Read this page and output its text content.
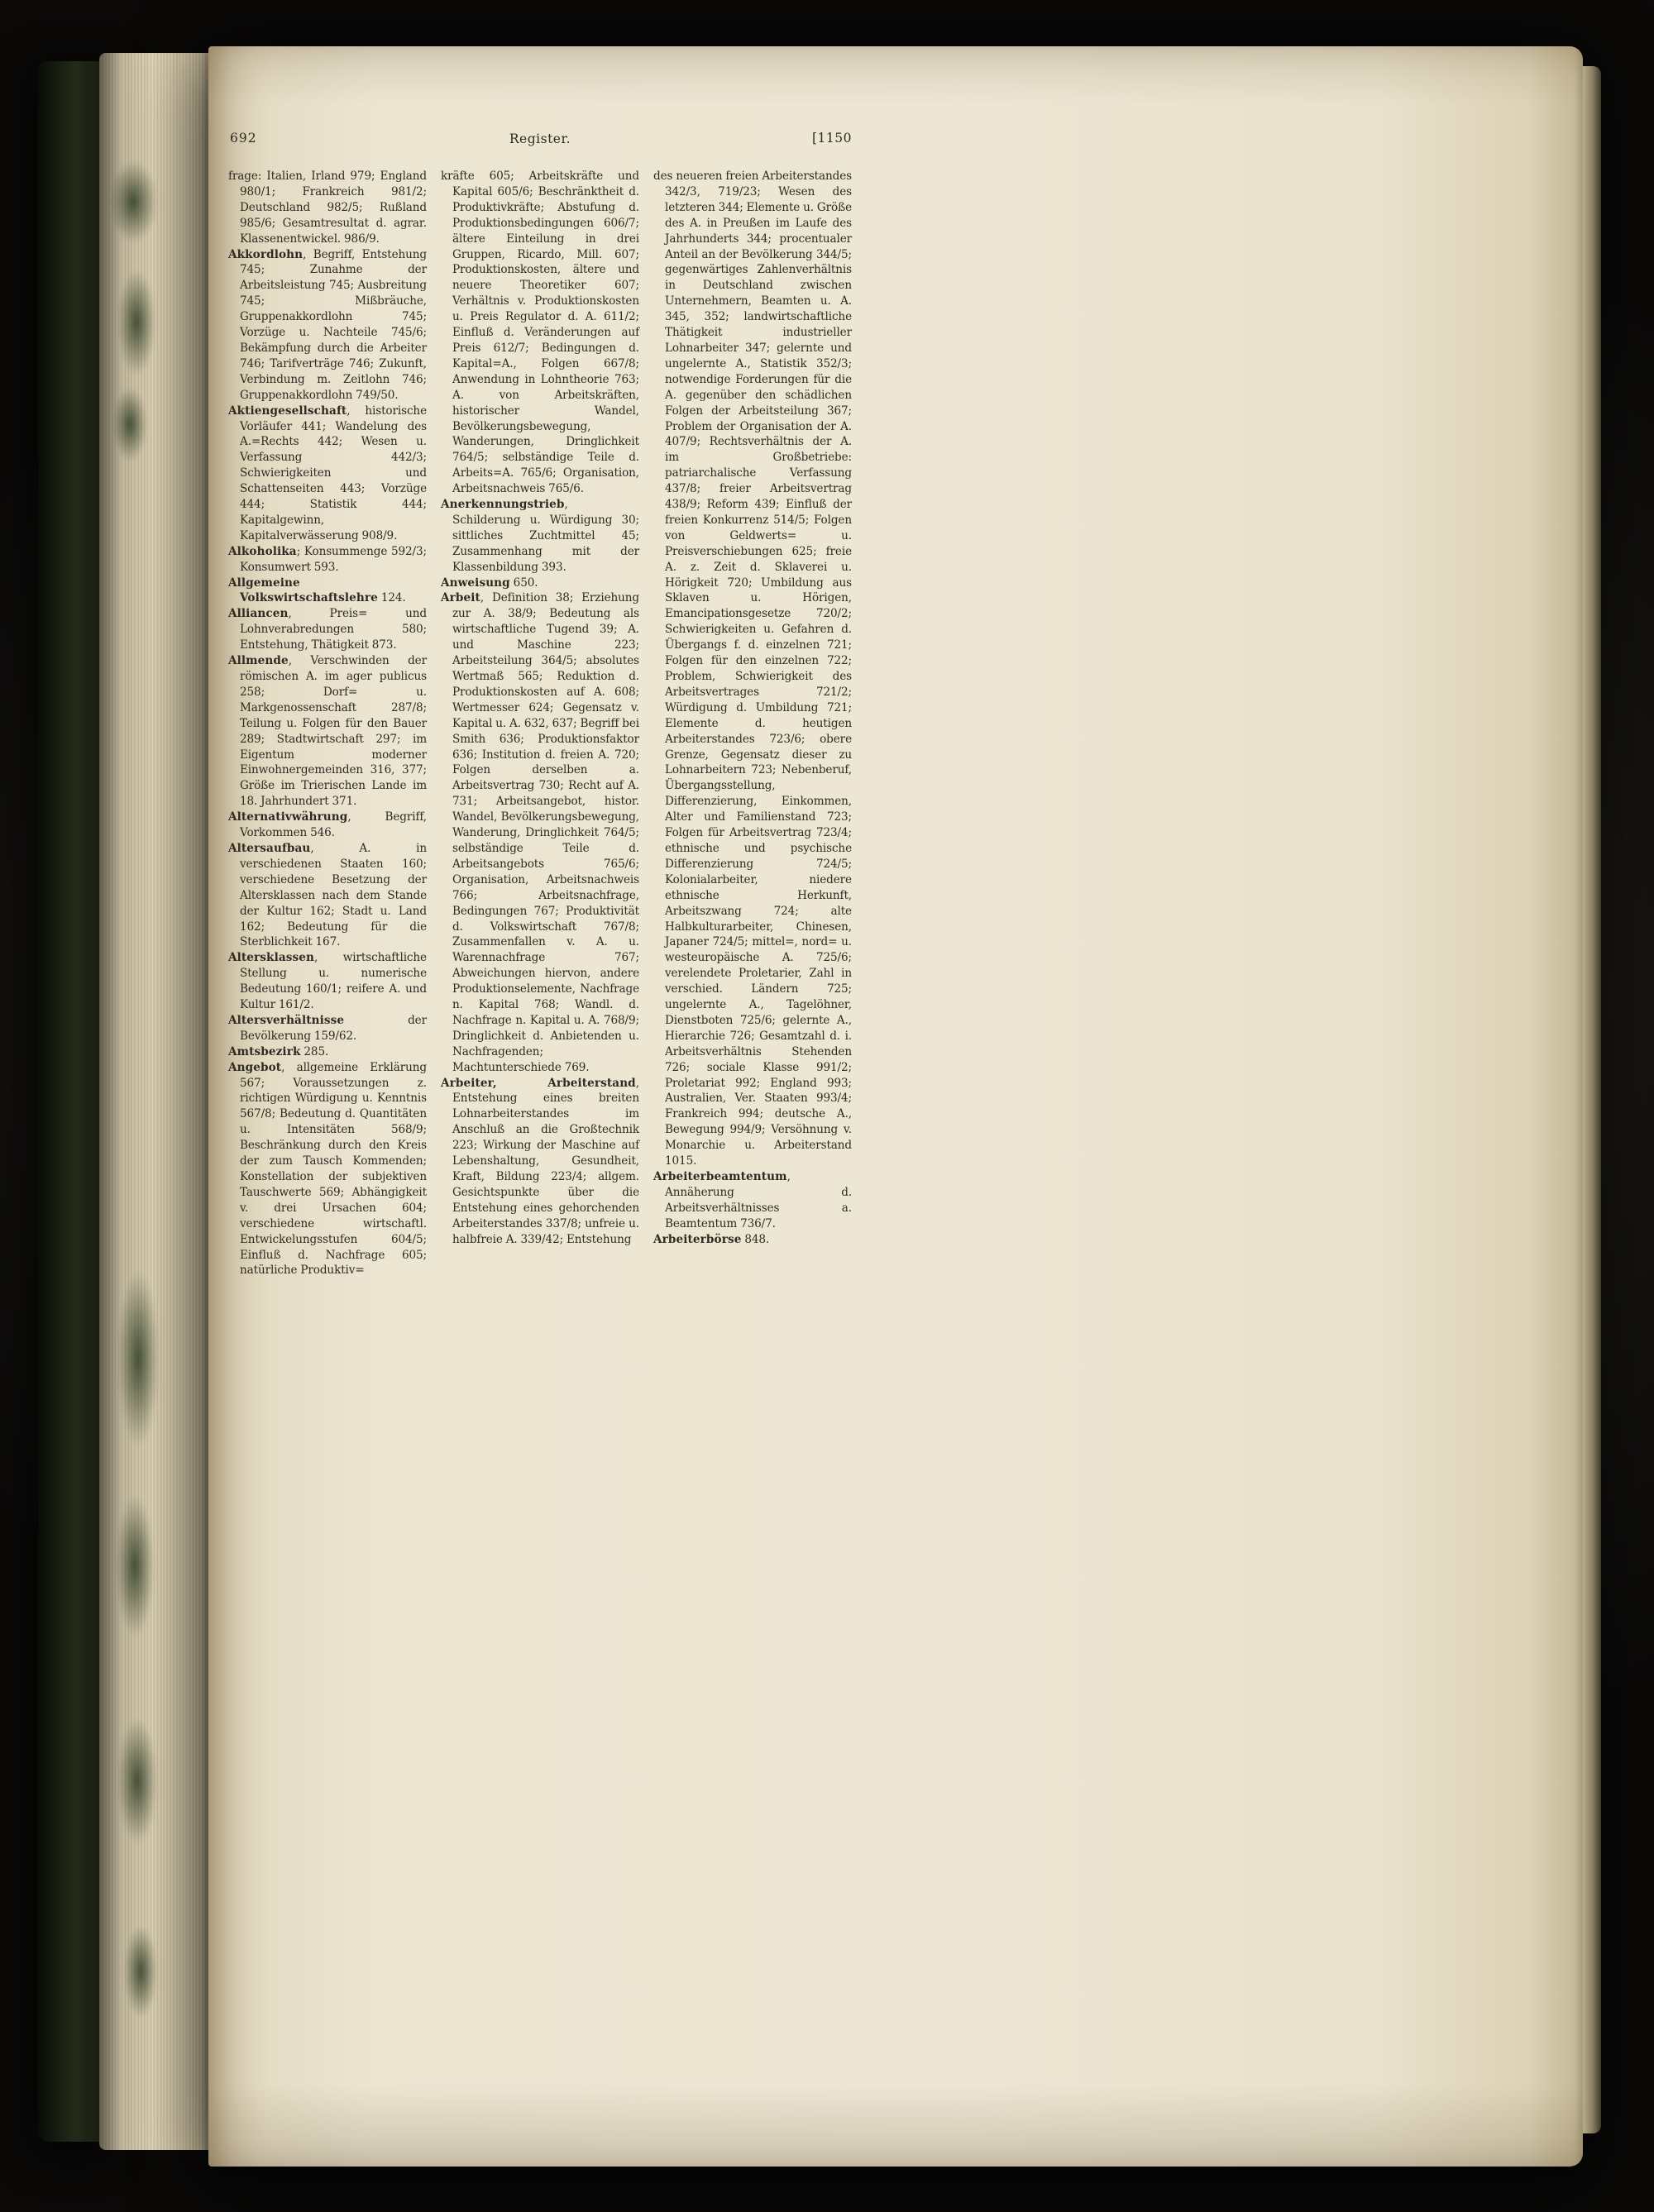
692	Register.	[1150

frage: Italien, Irland 979; England 980/1; Frankreich 981/2; Deutschland 982/5; Rußland 985/6; Gesamtresultat d. agrar. Klassenentwickel. 986/9.

Akkordlohn, Begriff, Entstehung 745; Zunahme der Arbeitsleistung 745; Ausbreitung 745; Mißbräuche, Gruppenakkordlohn 745; Vorzüge u. Nachteile 745/6; Bekämpfung durch die Arbeiter 746; Tarifverträge 746; Zukunft, Verbindung m. Zeitlohn 746; Gruppenakkordlohn 749/50.

Aktiengesellschaft, historische Vorläufer 441; Wandelung des A.=Rechts 442; Wesen u. Verfassung 442/3; Schwierigkeiten und Schattenseiten 443; Vorzüge 444; Statistik 444; Kapitalgewinn, Kapitalverwässerung 908/9.

Alkoholika; Konsummenge 592/3; Konsumwert 593.

Allgemeine Volkswirtschaftslehre 124.

Alliancen, Preis= und Lohnverabredungen 580; Entstehung, Thätigkeit 873.

Allmende, Verschwinden der römischen A. im ager publicus 258; Dorf= u. Markgenossenschaft 287/8; Teilung u. Folgen für den Bauer 289; Stadtwirtschaft 297; im Eigentum moderner Einwohnergemeinden 316, 377; Größe im Trierischen Lande im 18. Jahrhundert 371.

Alternativwährung, Begriff, Vorkommen 546.

Altersaufbau, A. in verschiedenen Staaten 160; verschiedene Besetzung der Altersklassen nach dem Stande der Kultur 162; Stadt u. Land 162; Bedeutung für die Sterblichkeit 167.

Altersklassen, wirtschaftliche Stellung u. numerische Bedeutung 160/1; reifere A. und Kultur 161/2.

Altersverhältnisse der Bevölkerung 159/62.

Amtsbezirk 285.

Angebot, allgemeine Erklärung 567; Voraussetzungen z. richtigen Würdigung u. Kenntnis 567/8; Bedeutung d. Quantitäten u. Intensitäten 568/9; Beschränkung durch den Kreis der zum Tausch Kommenden; Konstellation der subjektiven Tauschwerte 569; Abhängigkeit v. drei Ursachen 604; verschiedene wirtschaftl. Entwickelungsstufen 604/5; Einfluß d. Nachfrage 605; natürliche Produktiv=

kräfte 605; Arbeitskräfte und Kapital 605/6; Beschränktheit d. Produktivkräfte; Abstufung d. Produktionsbedingungen 606/7; ältere Einteilung in drei Gruppen, Ricardo, Mill. 607; Produktionskosten, ältere und neuere Theoretiker 607; Verhältnis v. Produktionskosten u. Preis Regulator d. A. 611/2; Einfluß d. Veränderungen auf Preis 612/7; Bedingungen d. Kapital=A., Folgen 667/8; Anwendung in Lohntheorie 763; A. von Arbeitskräften, historischer Wandel, Bevölkerungsbewegung, Wanderungen, Dringlichkeit 764/5; selbständige Teile d. Arbeits=A. 765/6; Organisation, Arbeitsnachweis 765/6.

Anerkennungstrieb, Schilderung u. Würdigung 30; sittliches Zuchtmittel 45; Zusammenhang mit der Klassenbildung 393.

Anweisung 650.

Arbeit, Definition 38; Erziehung zur A. 38/9; Bedeutung als wirtschaftliche Tugend 39; A. und Maschine 223; Arbeitsteilung 364/5; absolutes Wertmaß 565; Reduktion d. Produktionskosten auf A. 608; Wertmesser 624; Gegensatz v. Kapital u. A. 632, 637; Begriff bei Smith 636; Produktionsfaktor 636; Institution d. freien A. 720; Folgen derselben a. Arbeitsvertrag 730; Recht auf A. 731; Arbeitsangebot, histor. Wandel, Bevölkerungsbewegung, Wanderung, Dringlichkeit 764/5; selbständige Teile d. Arbeitsangebots 765/6; Organisation, Arbeitsnachweis 766; Arbeitsnachfrage, Bedingungen 767; Produktivität d. Volkswirtschaft 767/8; Zusammenfallen v. A. u. Warennachfrage 767; Abweichungen hiervon, andere Produktionselemente, Nachfrage n. Kapital 768; Wandl. d. Nachfrage n. Kapital u. A. 768/9; Dringlichkeit d. Anbietenden u. Nachfragenden; Machtunterschiede 769.

Arbeiter, Arbeiterstand, Entstehung eines breiten Lohnarbeiterstandes im Anschluß an die Großtechnik 223; Wirkung der Maschine auf Lebenshaltung, Gesundheit, Kraft, Bildung 223/4; allgem. Gesichtspunkte über die Entstehung eines gehorchenden Arbeiterstandes 337/8; unfreie u. halbfreie A. 339/42; Entstehung

des neueren freien Arbeiterstandes 342/3, 719/23; Wesen des letzteren 344; Elemente u. Größe des A. in Preußen im Laufe des Jahrhunderts 344; procentualer Anteil an der Bevölkerung 344/5; gegenwärtiges Zahlenverhältnis in Deutschland zwischen Unternehmern, Beamten u. A. 345, 352; landwirtschaftliche Thätigkeit industrieller Lohnarbeiter 347; gelernte und ungelernte A., Statistik 352/3; notwendige Forderungen für die A. gegenüber den schädlichen Folgen der Arbeitsteilung 367; Problem der Organisation der A. 407/9; Rechtsverhältnis der A. im Großbetriebe: patriarchalische Verfassung 437/8; freier Arbeitsvertrag 438/9; Reform 439; Einfluß der freien Konkurrenz 514/5; Folgen von Geldwerts= u. Preisverschiebungen 625; freie A. z. Zeit d. Sklaverei u. Hörigkeit 720; Umbildung aus Sklaven u. Hörigen, Emancipationsgesetze 720/2; Schwierigkeiten u. Gefahren d. Übergangs f. d. einzelnen 721; Folgen für den einzelnen 722; Problem, Schwierigkeit des Arbeitsvertrages 721/2; Würdigung d. Umbildung 721; Elemente d. heutigen Arbeiterstandes 723/6; obere Grenze, Gegensatz dieser zu Lohnarbeitern 723; Nebenberuf, Übergangsstellung, Differenzierung, Einkommen, Alter und Familienstand 723; Folgen für Arbeitsvertrag 723/4; ethnische und psychische Differenzierung 724/5; Kolonialarbeiter, niedere ethnische Herkunft, Arbeitszwang 724; alte Halbkulturarbeiter, Chinesen, Japaner 724/5; mittel=, nord= u. westeuropäische A. 725/6; verelendete Proletarier, Zahl in verschied. Ländern 725; ungelernte A., Tagelöhner, Dienstboten 725/6; gelernte A., Hierarchie 726; Gesamtzahl d. i. Arbeitsverhältnis Stehenden 726; sociale Klasse 991/2; Proletariat 992; England 993; Australien, Ver. Staaten 993/4; Frankreich 994; deutsche A., Bewegung 994/9; Versöhnung v. Monarchie u. Arbeiterstand 1015.

Arbeiterbeamtentum, Annäherung d. Arbeitsverhältnisses a. Beamtentum 736/7.

Arbeiterbörse 848.
